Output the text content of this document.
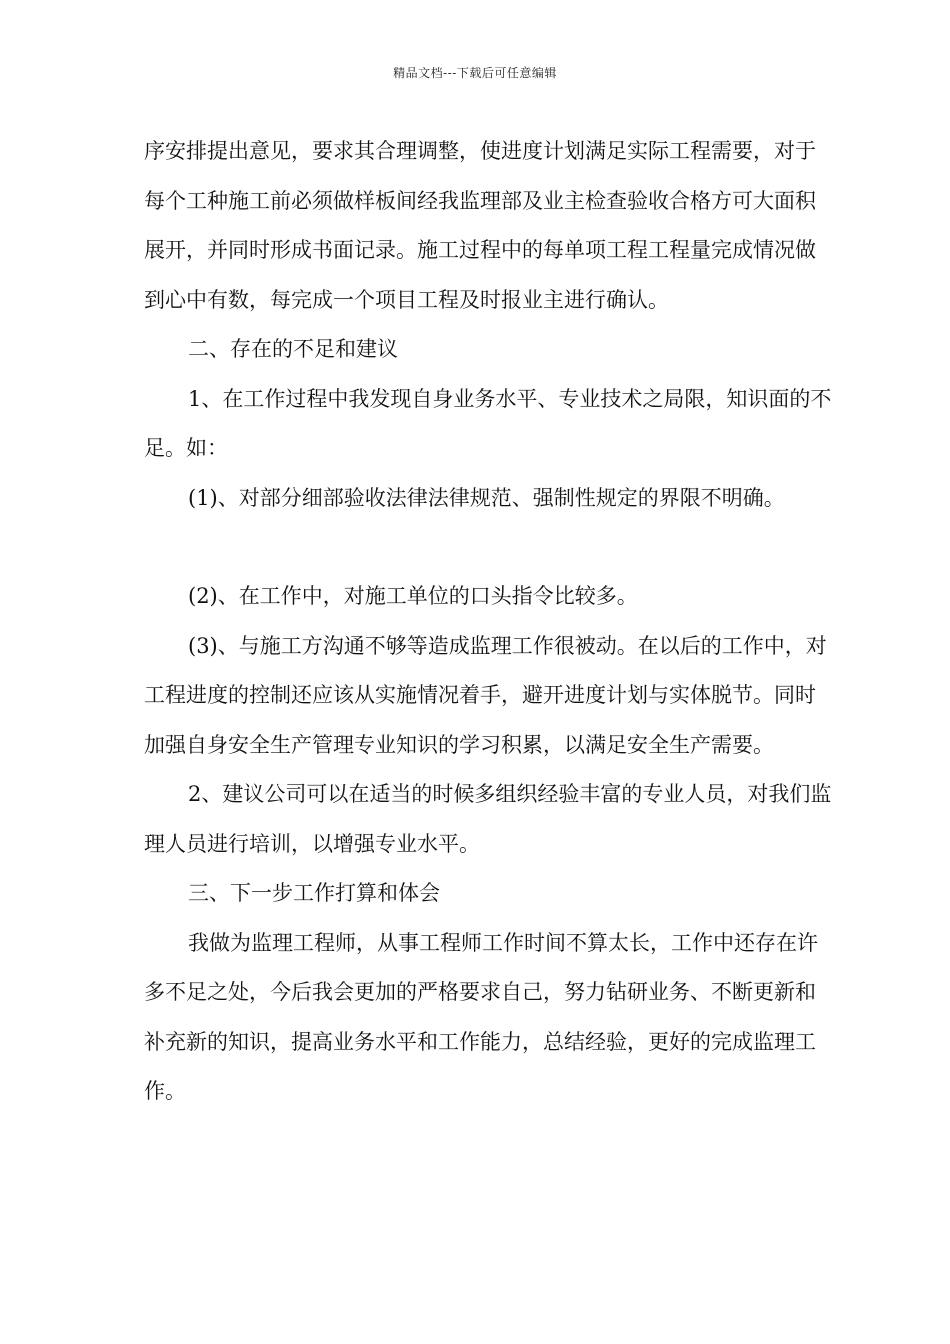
精品文档---下载后可任意编辑

序安排提出意见，要求其合理调整，使进度计划满足实际工程需要，对于每个工种施工前必须做样板间经我监理部及业主检查验收合格方可大面积展开，并同时形成书面记录。施工过程中的每单项工程工程量完成情况做到心中有数，每完成一个项目工程及时报业主进行确认。

二、存在的不足和建议

1、在工作过程中我发现自身业务水平、专业技术之局限，知识面的不足。如：

(1)、对部分细部验收法律法律规范、强制性规定的界限不明确。

(2)、在工作中，对施工单位的口头指令比较多。

(3)、与施工方沟通不够等造成监理工作很被动。在以后的工作中，对工程进度的控制还应该从实施情况着手，避开进度计划与实体脱节。同时加强自身安全生产管理专业知识的学习积累，以满足安全生产需要。

2、建议公司可以在适当的时候多组织经验丰富的专业人员，对我们监理人员进行培训，以增强专业水平。

三、下一步工作打算和体会

我做为监理工程师，从事工程师工作时间不算太长，工作中还存在许多不足之处，今后我会更加的严格要求自己，努力钻研业务、不断更新和补充新的知识，提高业务水平和工作能力，总结经验，更好的完成监理工作。
